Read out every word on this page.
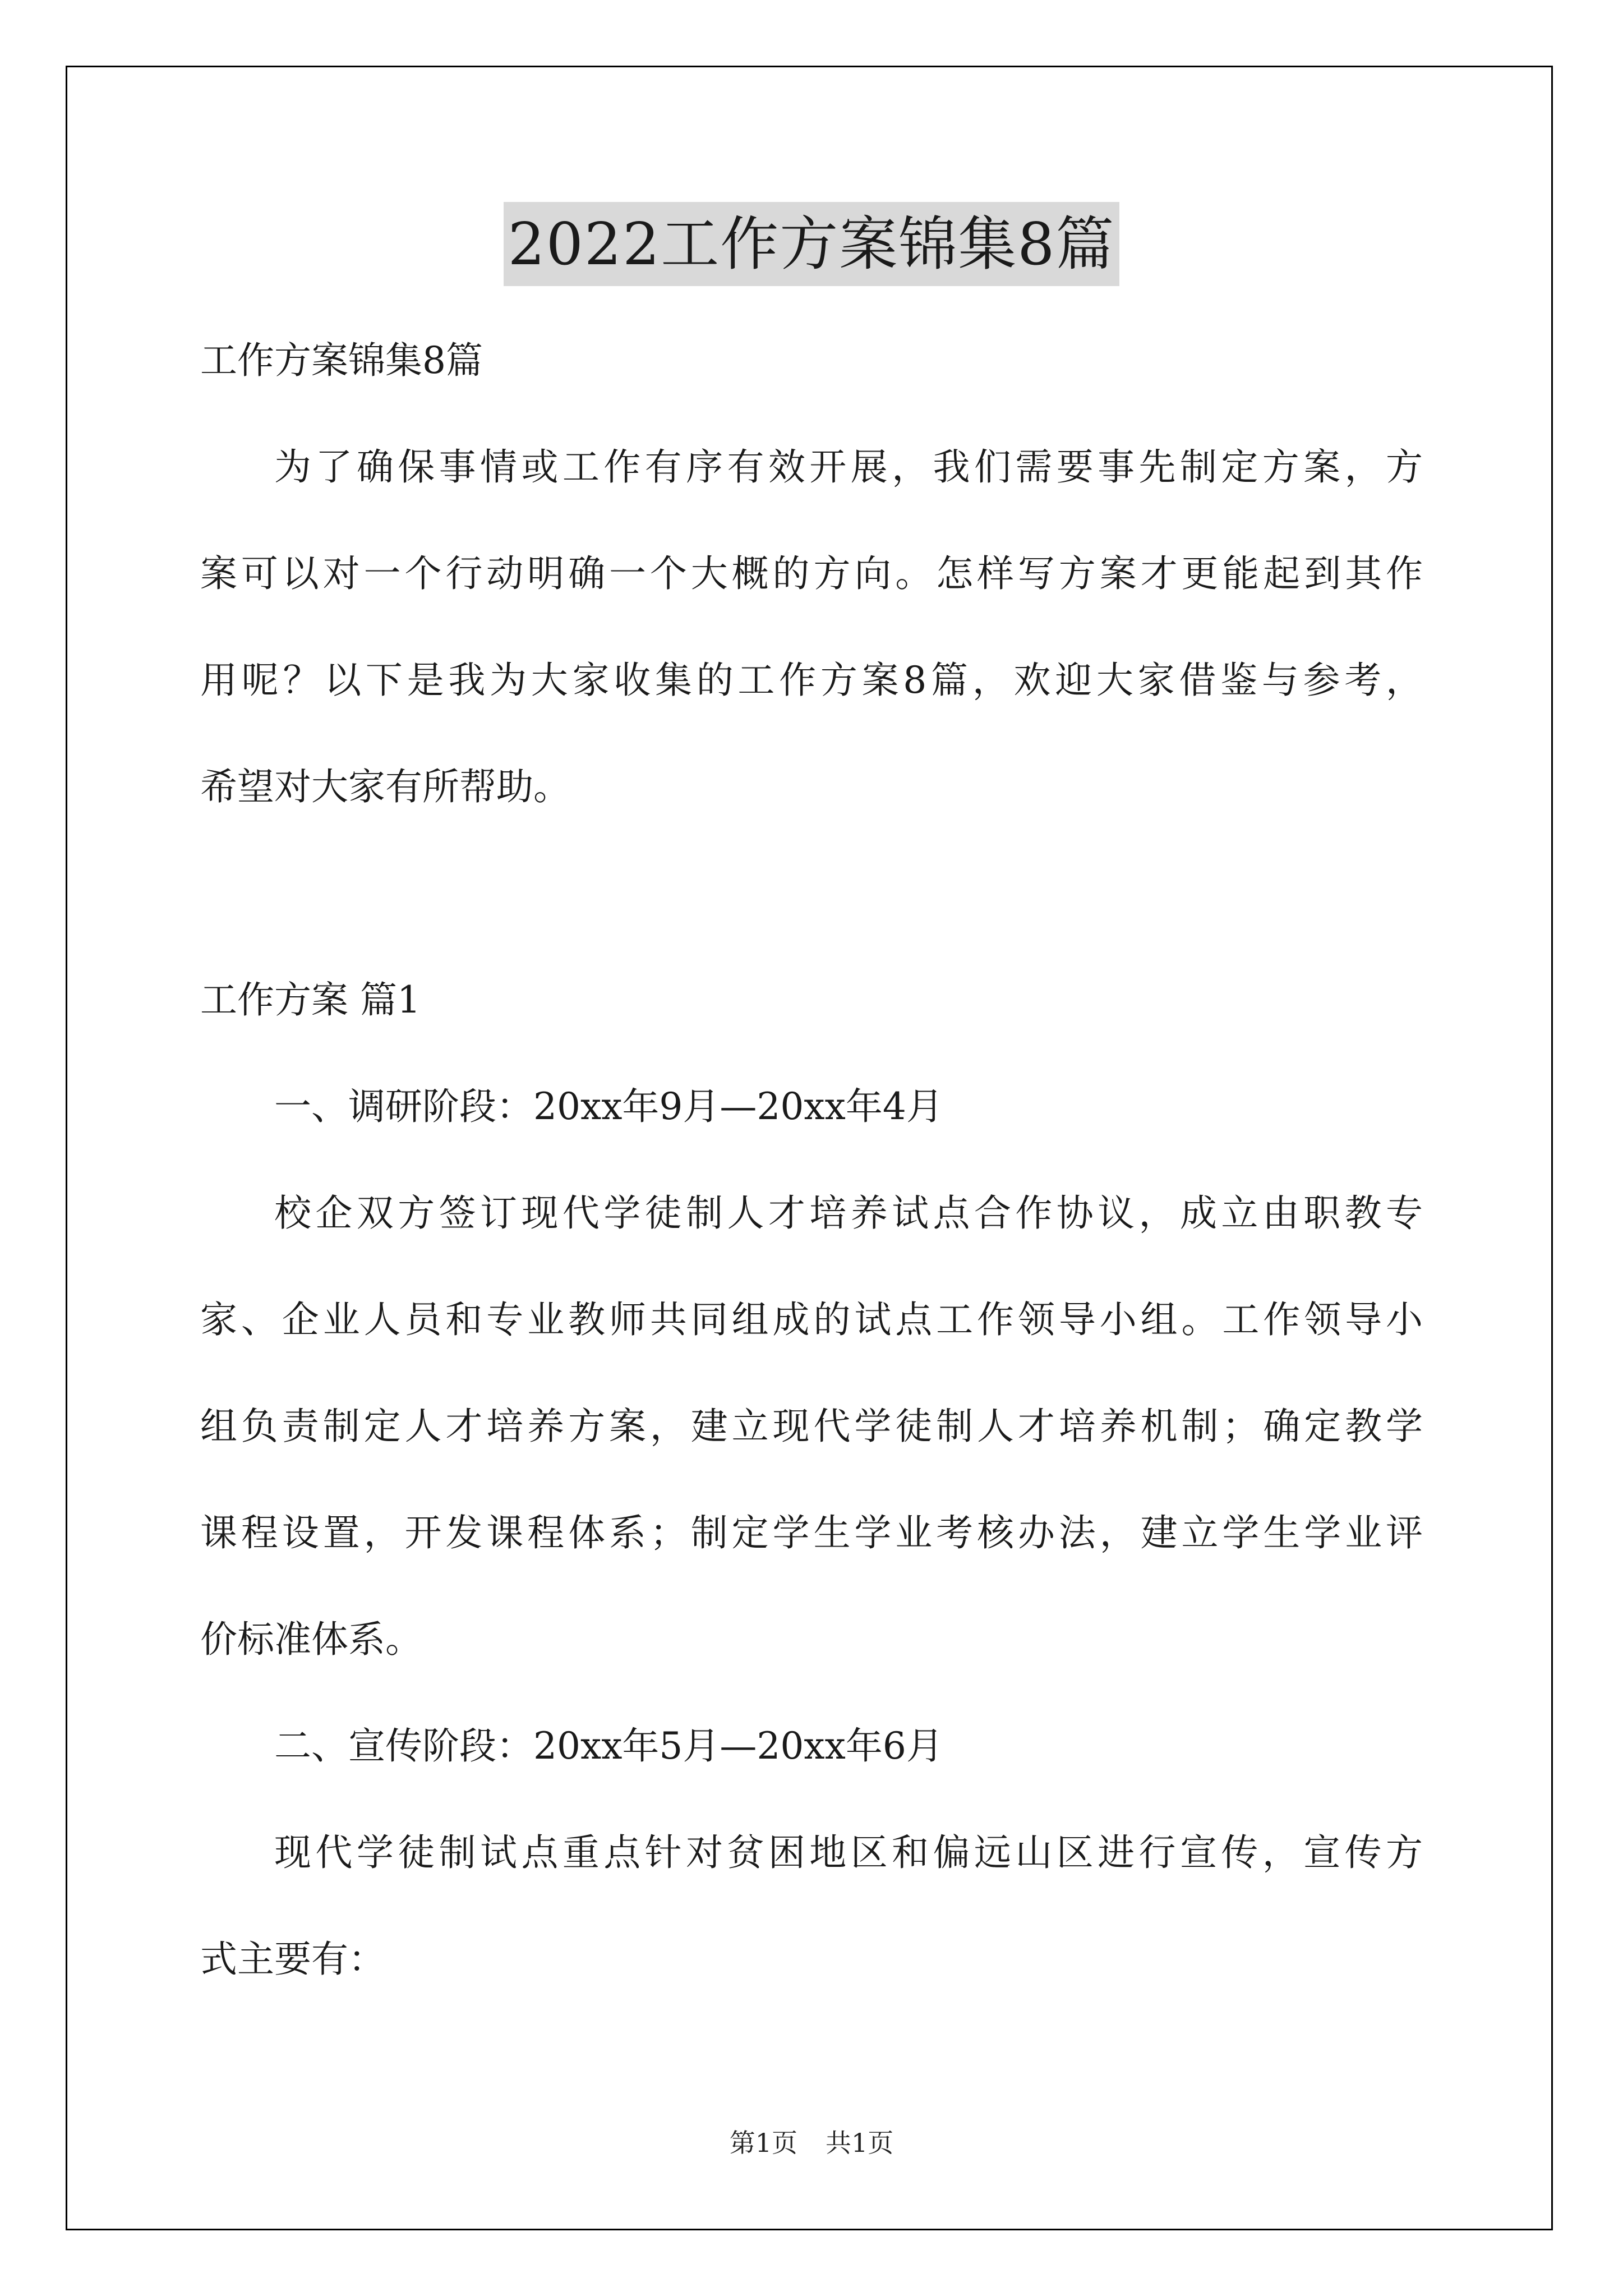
2022工作方案锦集8篇

工作方案锦集8篇

为了确保事情或工作有序有效开展，我们需要事先制定方案，方

案可以对一个行动明确一个大概的方向。怎样写方案才更能起到其作

用呢？以下是我为大家收集的工作方案8篇，欢迎大家借鉴与参考，

希望对大家有所帮助。

工作方案 篇1

一、调研阶段：20xx年9月—20xx年4月

校企双方签订现代学徒制人才培养试点合作协议，成立由职教专

家、企业人员和专业教师共同组成的试点工作领导小组。工作领导小

组负责制定人才培养方案，建立现代学徒制人才培养机制；确定教学

课程设置，开发课程体系；制定学生学业考核办法，建立学生学业评

价标准体系。

二、宣传阶段：20xx年5月—20xx年6月

现代学徒制试点重点针对贫困地区和偏远山区进行宣传，宣传方

式主要有：

第1页 共1页
